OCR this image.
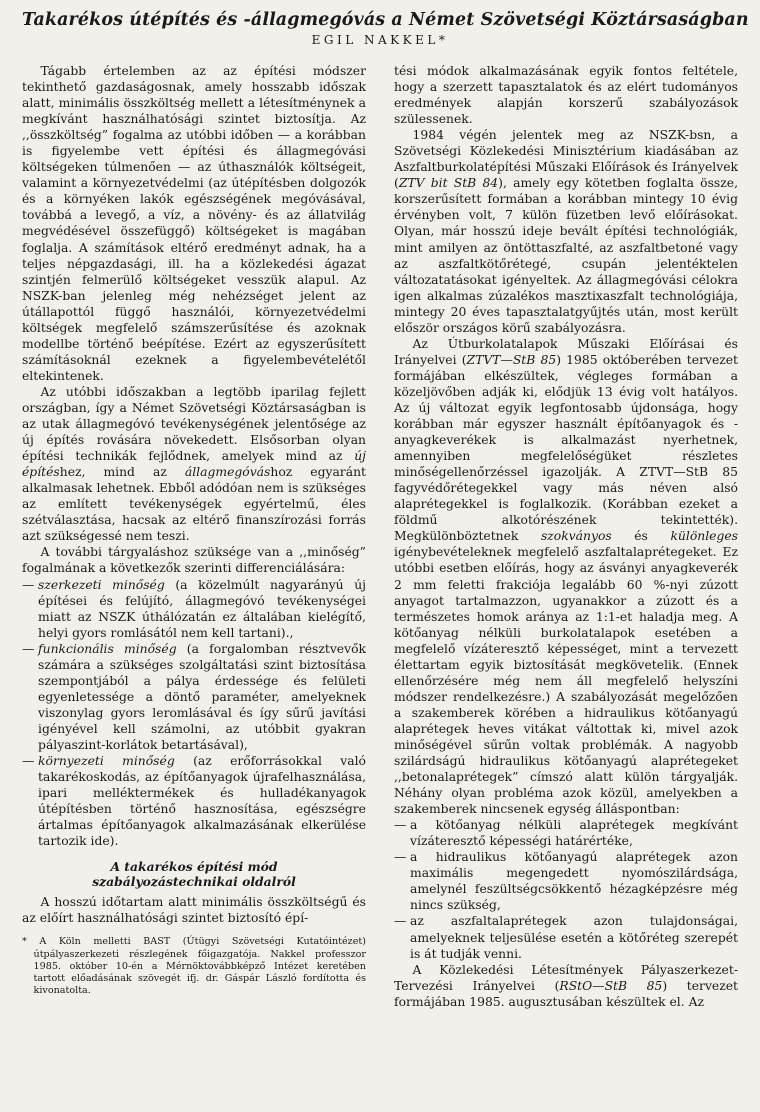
Takarékos útépítés és -állagmegóvás a Német Szövetségi Köztársaságban
EGIL NAKKEL*

Tágabb értelemben az az építési módszer tekinthető gazdaságosnak, amely hosszabb időszak alatt, minimális összköltség mellett a létesítménynek a megkívánt használhatósági szintet biztosítja. Az ,,összköltség” fogalma az utóbbi időben — a korábban is figyelembe vett építési és állagmegóvási költségeken túlmenően — az úthasználók költségeit, valamint a környezetvédelmi (az útépítésben dolgozók és a környéken lakók egészségének megóvásával, továbbá a levegő, a víz, a növény- és az állatvilág megvédésével összefüggő) költségeket is magában foglalja. A számítások eltérő eredményt adnak, ha a teljes népgazdasági, ill. ha a közlekedési ágazat szintjén felmerülő költségeket vesszük alapul. Az NSZK-ban jelenleg még nehézséget jelent az útállapottól függő használói, környezetvédelmi költségek megfelelő számszerűsítése és azoknak modellbe történő beépítése. Ezért az egyszerűsített számításoknál ezeknek a figyelembevételétől eltekintenek.

Az utóbbi időszakban a legtöbb iparilag fejlett országban, így a Német Szövetségi Köztársaságban is az utak állagmegóvó tevékenységének jelentősége az új építés rovására növekedett. Elsősorban olyan építési technikák fejlődnek, amelyek mind az új építéshez, mind az állagmegóváshoz egyaránt alkalmasak lehetnek. Ebből adódóan nem is szükséges az említett tevékenységek egyértelmű, éles szétválasztása, hacsak az eltérő finanszírozási forrás azt szükségessé nem teszi.

A további tárgyaláshoz szüksége van a ,,minőség” fogalmának a következők szerinti differenciálására:

— szerkezeti minőség (a közelmúlt nagyarányú új építései és felújító, állagmegóvó tevékenységei miatt az NSZK úthálózatán ez általában kielégítő, helyi gyors romlásától nem kell tartani).,

— funkcionális minőség (a forgalomban résztvevők számára a szükséges szolgáltatási szint biztosítása szempontjából a pálya érdessége és felületi egyenletessége a döntő paraméter, amelyeknek viszonylag gyors leromlásával és így sűrű javítási igényével kell számolni, az utóbbit gyakran pályaszint-korlátok betartásával),

— környezeti minőség (az erőforrásokkal való takarékoskodás, az építőanyagok újrafelhasználása, ipari melléktermékek és hulladékanyagok útépítésben történő hasznosítása, egészségre ártalmas építőanyagok alkalmazásának elkerülése tartozik ide).

A takarékos építési mód
szabályozástechnikai oldalról

A hosszú időtartam alatt minimális összköltségű és az előírt használhatósági szintet biztosító épí-

* A Köln melletti BAST (Útügyi Szövetségi Kutatóintézet) útpályaszerkezeti részlegének főigazgatója. Nakkel professzor 1985. október 10-én a Mérnöktovábbképző Intézet keretében tartott előadásának szövegét ifj. dr. Gáspár László fordította és kivonatolta.

tési módok alkalmazásának egyik fontos feltétele, hogy a szerzett tapasztalatok és az elért tudományos eredmények alapján korszerű szabályozások szülessenek.

1984 végén jelentek meg az NSZK-bsn, a Szövetségi Közlekedési Minisztérium kiadásában az Aszfaltburkolatépítési Műszaki Előírások és Irányelvek (ZTV bit StB 84), amely egy kötetben foglalta össze, korszerűsített formában a korábban mintegy 10 évig érvényben volt, 7 külön füzetben levő előírásokat. Olyan, már hosszú ideje bevált építési technológiák, mint amilyen az öntöttaszfalté, az aszfaltbetoné vagy az aszfaltkötőrétegé, csupán jelentéktelen változatatásokat igényeltek. Az állagmegóvási célokra igen alkalmas zúzalékos masztixaszfalt technológiája, mintegy 20 éves tapasztalatgyűjtés után, most került először országos körű szabályozásra.

Az Útburkolatalapok Műszaki Előírásai és Irányelvei (ZTVT—StB 85) 1985 októberében tervezet formájában elkészültek, végleges formában a közeljövőben adják ki, elődjük 13 évig volt hatályos. Az új változat egyik legfontosabb újdonsága, hogy korábban már egyszer használt építőanyagok és -anyagkeverékek is alkalmazást nyerhetnek, amennyiben megfelelőségüket részletes minőségellenőrzéssel igazolják. A ZTVT—StB 85 fagyvédőrétegekkel vagy más néven alsó alaprétegekkel is foglalkozik. (Korábban ezeket a földmű alkotórészének tekintették). Megkülönböztetnek szokványos és különleges igénybevételeknek megfelelő aszfaltalaprétegeket. Ez utóbbi esetben előírás, hogy az ásványi anyagkeverék 2 mm feletti frakciója legalább 60 %-nyi zúzott anyagot tartalmazzon, ugyanakkor a zúzott és a természetes homok aránya az 1:1-et haladja meg. A kötőanyag nélküli burkolatalapok esetében a megfelelő vízáteresztő képességet, mint a tervezett élettartam egyik biztosítását megkövetelik. (Ennek ellenőrzésére még nem áll megfelelő helyszíni módszer rendelkezésre.) A szabályozását megelőzően a szakemberek körében a hidraulikus kötőanyagú alaprétegek heves vitákat váltottak ki, mivel azok minőségével sűrűn voltak problémák. A nagyobb szilárdságú hidraulikus kötőanyagú alaprétegeket ,,betonalaprétegek” címszó alatt külön tárgyalják. Néhány olyan probléma azok közül, amelyekben a szakemberek nincsenek egység álláspontban:

— a kötőanyag nélküli alaprétegek megkívánt vízáteresztő képességi határértéke,

— a hidraulikus kötőanyagú alaprétegek azon maximális megengedett nyomószilárdsága, amelynél feszültségcsökkentő hézagképzésre még nincs szükség,

— az aszfaltalaprétegek azon tulajdonságai, amelyeknek teljesülése esetén a kötőréteg szerepét is át tudják venni.

A Közlekedési Létesítmények Pályaszerkezet-Tervezési Irányelvei (RStO—StB 85) tervezet formájában 1985. augusztusában készültek el. Az
